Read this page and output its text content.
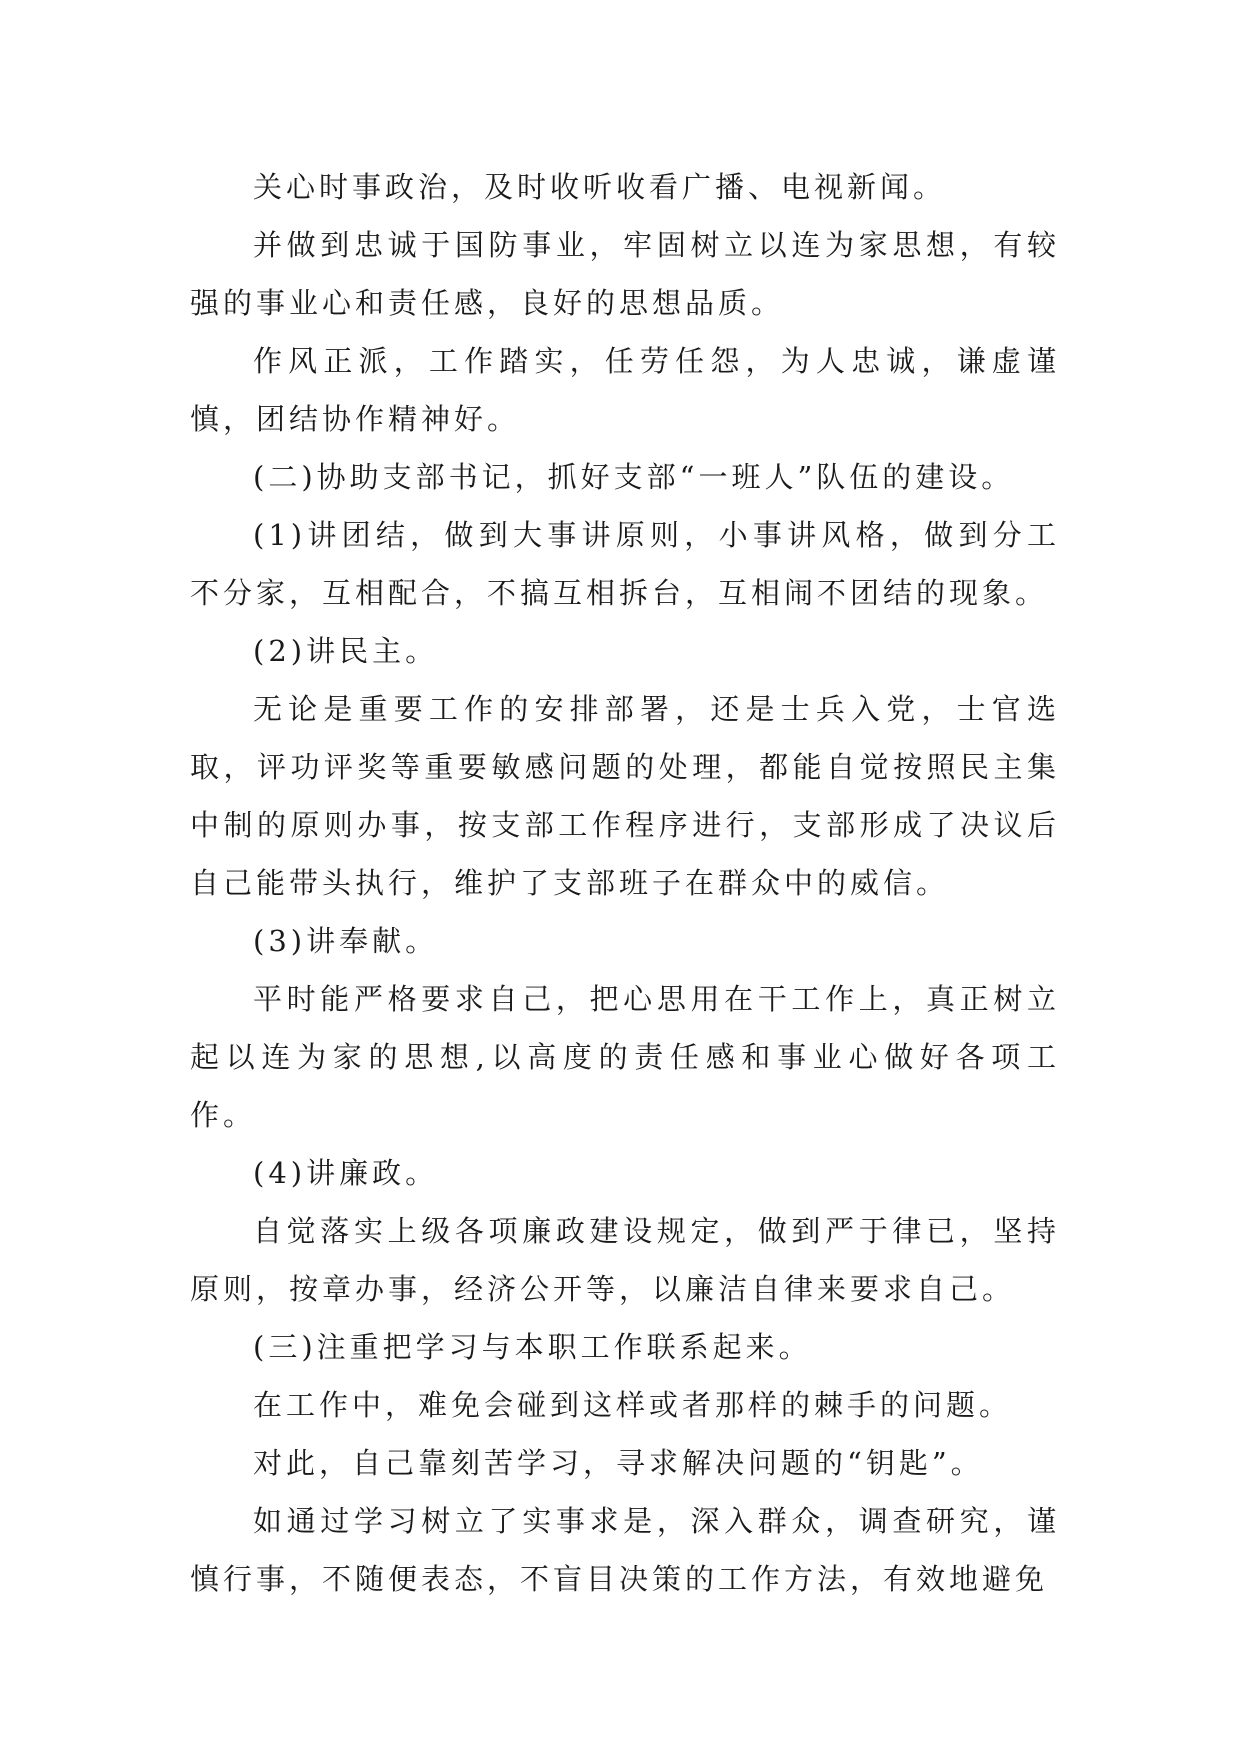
关心时事政治，及时收听收看广播、电视新闻。

并做到忠诚于国防事业，牢固树立以连为家思想，有较强的事业心和责任感，良好的思想品质。

作风正派，工作踏实，任劳任怨，为人忠诚，谦虚谨慎，团结协作精神好。

(二)协助支部书记，抓好支部“一班人”队伍的建设。

(1)讲团结，做到大事讲原则，小事讲风格，做到分工不分家，互相配合，不搞互相拆台，互相闹不团结的现象。

(2)讲民主。

无论是重要工作的安排部署，还是士兵入党，士官选取，评功评奖等重要敏感问题的处理，都能自觉按照民主集中制的原则办事，按支部工作程序进行，支部形成了决议后自己能带头执行，维护了支部班子在群众中的威信。

(3)讲奉献。

平时能严格要求自己，把心思用在干工作上，真正树立起以连为家的思想,以高度的责任感和事业心做好各项工作。

(4)讲廉政。

自觉落实上级各项廉政建设规定，做到严于律已，坚持原则，按章办事，经济公开等，以廉洁自律来要求自己。

(三)注重把学习与本职工作联系起来。

在工作中，难免会碰到这样或者那样的棘手的问题。

对此，自己靠刻苦学习，寻求解决问题的“钥匙”。

如通过学习树立了实事求是，深入群众，调查研究，谨慎行事，不随便表态，不盲目决策的工作方法，有效地避免
